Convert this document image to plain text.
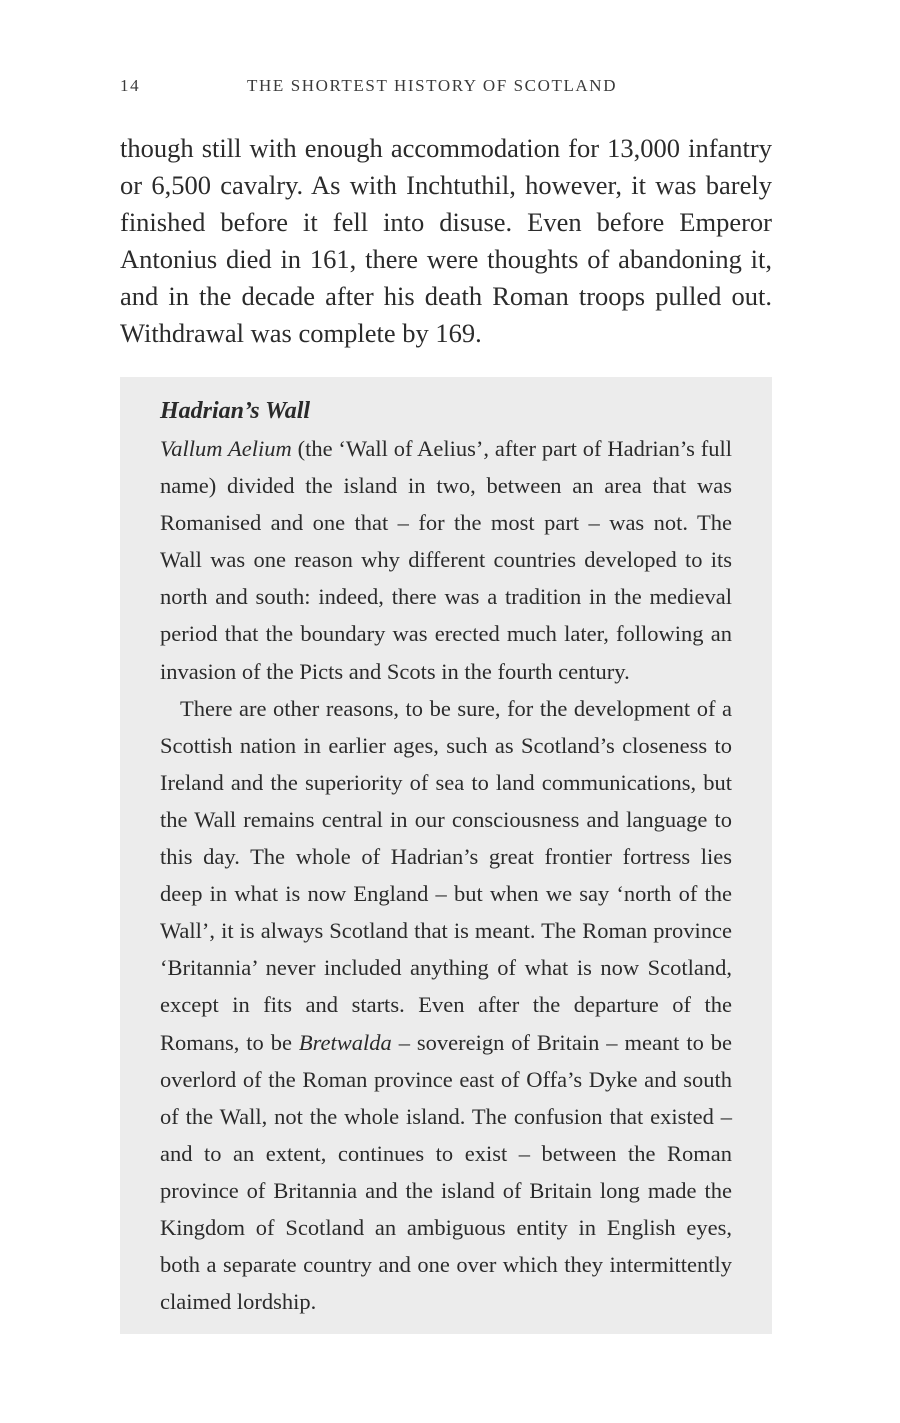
14	THE SHORTEST HISTORY OF SCOTLAND

though still with enough accommodation for 13,000 infantry or 6,500 cavalry. As with Inchtuthil, however, it was barely finished before it fell into disuse. Even before Emperor Antonius died in 161, there were thoughts of abandoning it, and in the decade after his death Roman troops pulled out. Withdrawal was complete by 169.

Hadrian’s Wall

Vallum Aelium (the ‘Wall of Aelius’, after part of Hadrian’s full name) divided the island in two, between an area that was Romanised and one that – for the most part – was not. The Wall was one reason why different countries developed to its north and south: indeed, there was a tradition in the medieval period that the boundary was erected much later, following an invasion of the Picts and Scots in the fourth century.

There are other reasons, to be sure, for the development of a Scottish nation in earlier ages, such as Scotland’s closeness to Ireland and the superiority of sea to land communications, but the Wall remains central in our consciousness and language to this day. The whole of Hadrian’s great frontier fortress lies deep in what is now England – but when we say ‘north of the Wall’, it is always Scotland that is meant. The Roman province ‘Britannia’ never included anything of what is now Scotland, except in fits and starts. Even after the departure of the Romans, to be Bretwalda – sovereign of Britain – meant to be overlord of the Roman province east of Offa’s Dyke and south of the Wall, not the whole island. The confusion that existed – and to an extent, continues to exist – between the Roman province of Britannia and the island of Britain long made the Kingdom of Scotland an ambiguous entity in English eyes, both a separate country and one over which they intermittently claimed lordship.
